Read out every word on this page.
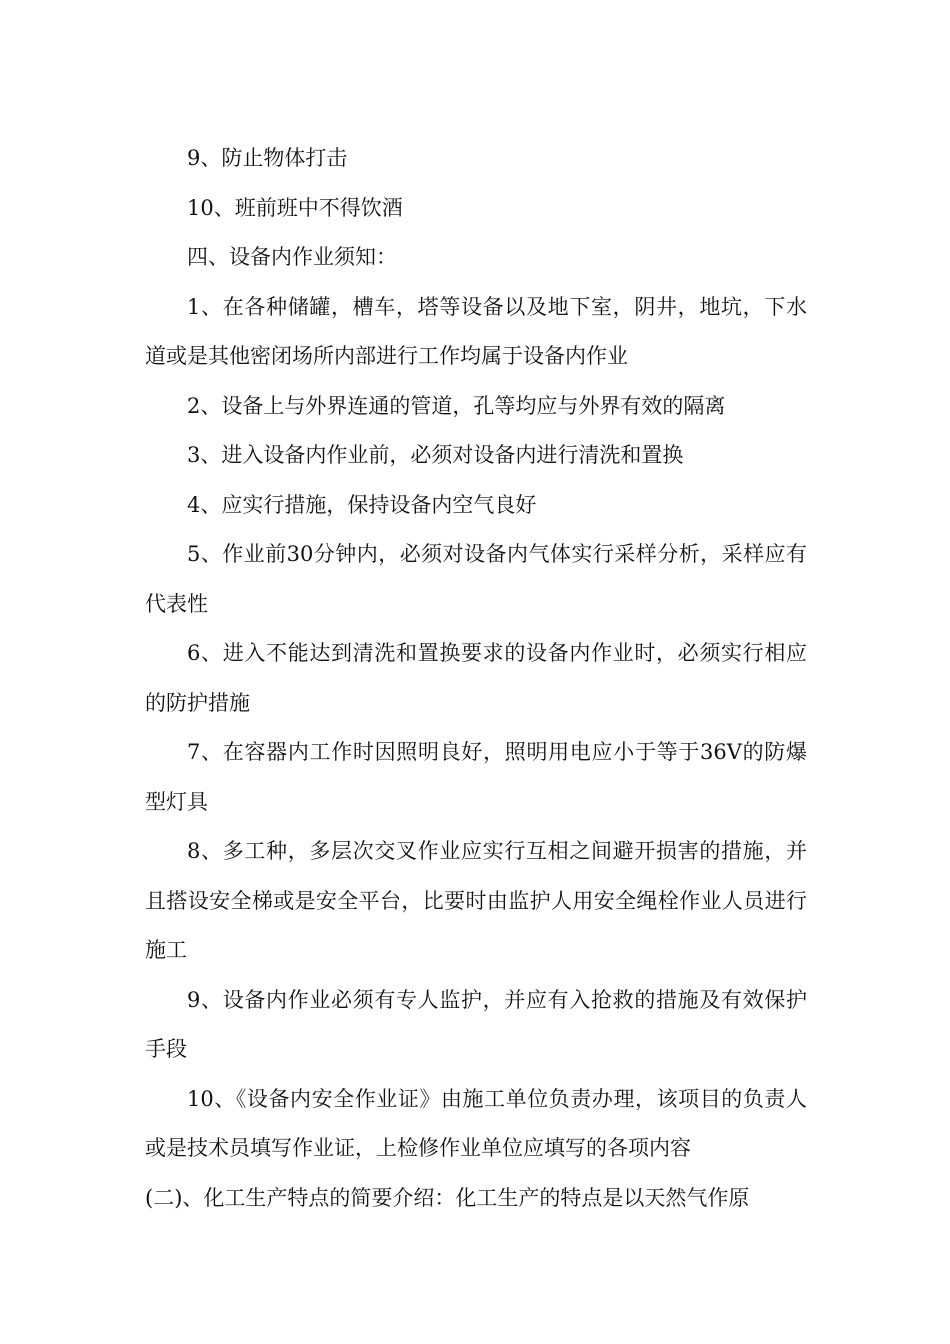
9、防止物体打击

10、班前班中不得饮酒

四、设备内作业须知：

1、在各种储罐，槽车，塔等设备以及地下室，阴井，地坑，下水道或是其他密闭场所内部进行工作均属于设备内作业

2、设备上与外界连通的管道，孔等均应与外界有效的隔离

3、进入设备内作业前，必须对设备内进行清洗和置换

4、应实行措施，保持设备内空气良好

5、作业前30分钟内，必须对设备内气体实行采样分析，采样应有代表性

6、进入不能达到清洗和置换要求的设备内作业时，必须实行相应的防护措施

7、在容器内工作时因照明良好，照明用电应小于等于36V的防爆型灯具

8、多工种，多层次交叉作业应实行互相之间避开损害的措施，并且搭设安全梯或是安全平台，比要时由监护人用安全绳栓作业人员进行施工

9、设备内作业必须有专人监护，并应有入抢救的措施及有效保护手段

10、《设备内安全作业证》由施工单位负责办理，该项目的负责人或是技术员填写作业证，上检修作业单位应填写的各项内容

(二)、化工生产特点的简要介绍：化工生产的特点是以天然气作原
